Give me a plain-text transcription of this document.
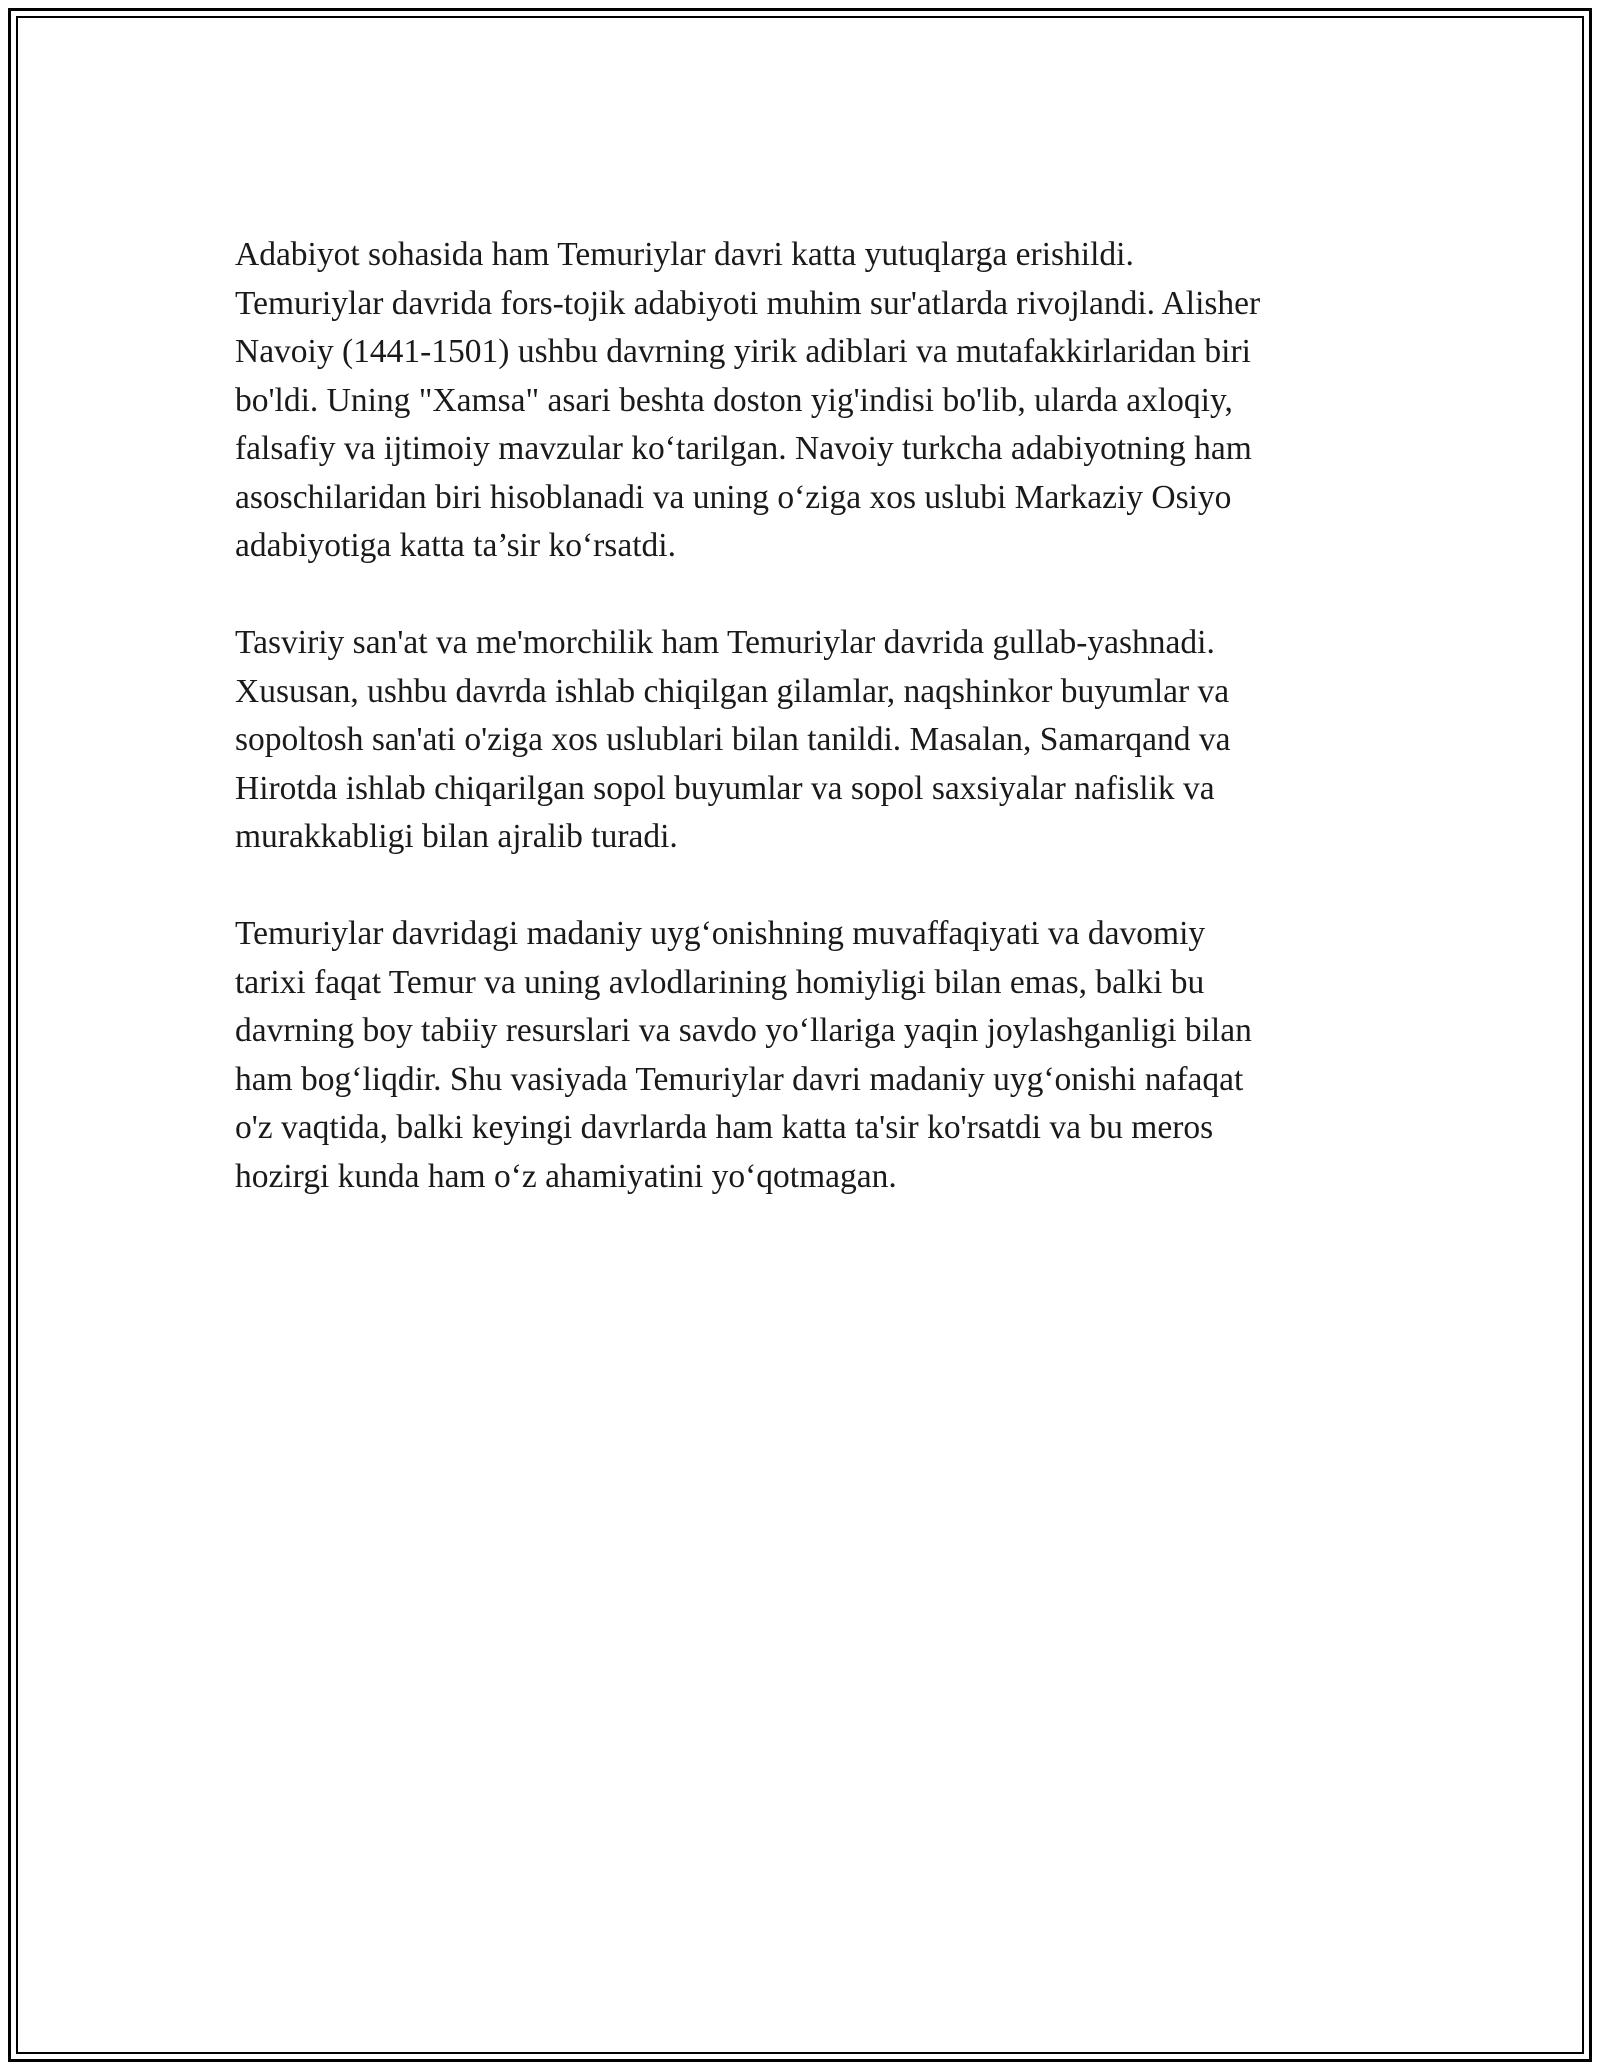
Adabiyot sohasida ham Temuriylar davri katta yutuqlarga erishildi.
Temuriylar davrida fors-tojik adabiyoti muhim sur'atlarda rivojlandi. Alisher
Navoiy (1441-1501) ushbu davrning yirik adiblari va mutafakkirlaridan biri
bo'ldi. Uning "Xamsa" asari beshta doston yig'indisi bo'lib, ularda axloqiy,
falsafiy va ijtimoiy mavzular ko‘tarilgan. Navoiy turkcha adabiyotning ham
asoschilaridan biri hisoblanadi va uning o‘ziga xos uslubi Markaziy Osiyo
adabiyotiga katta ta’sir ko‘rsatdi.

Tasviriy san'at va me'morchilik ham Temuriylar davrida gullab-yashnadi.
Xususan, ushbu davrda ishlab chiqilgan gilamlar, naqshinkor buyumlar va
sopoltosh san'ati o'ziga xos uslublari bilan tanildi. Masalan, Samarqand va
Hirotda ishlab chiqarilgan sopol buyumlar va sopol saxsiyalar nafislik va
murakkabligi bilan ajralib turadi.

Temuriylar davridagi madaniy uyg‘onishning muvaffaqiyati va davomiy
tarixi faqat Temur va uning avlodlarining homiyligi bilan emas, balki bu
davrning boy tabiiy resurslari va savdo yo‘llariga yaqin joylashganligi bilan
ham bog‘liqdir. Shu vasiyada Temuriylar davri madaniy uyg‘onishi nafaqat
o'z vaqtida, balki keyingi davrlarda ham katta ta'sir ko'rsatdi va bu meros
hozirgi kunda ham o‘z ahamiyatini yo‘qotmagan.
